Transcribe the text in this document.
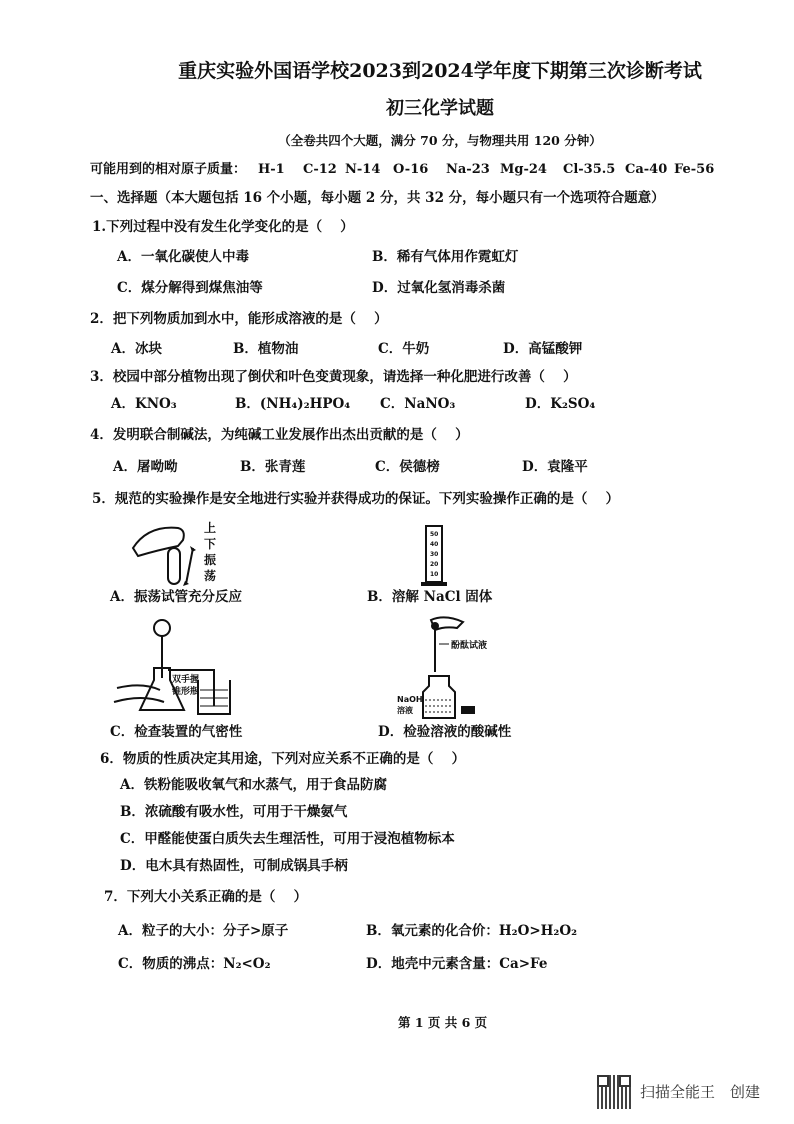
重庆实验外国语学校2023到2024学年度下期第三次诊断考试
初三化学试题
（全卷共四个大题，满分 70 分，与物理共用 120 分钟）
可能用到的相对原子质量： H-1 C-12 N-14 O-16 Na-23 Mg-24 Cl-35.5 Ca-40 Fe-56
一、选择题（本大题包括 16 个小题，每小题 2 分，共 32 分，每小题只有一个选项符合题意）
1.下列过程中没有发生化学变化的是（　 ）
A．一氧化碳使人中毒	B．稀有气体用作霓虹灯
C．煤分解得到煤焦油等	D．过氧化氢消毒杀菌
2．把下列物质加到水中，能形成溶液的是（　 ）
A．冰块	B．植物油	C．牛奶	D．高锰酸钾
3．校园中部分植物出现了倒伏和叶色变黄现象，请选择一种化肥进行改善（　 ）
A．KNO₃	B．(NH₄)₂HPO₄ C．NaNO₃	D．K₂SO₄
4．发明联合制碱法，为纯碱工业发展作出杰出贡献的是（　 ）
A．屠呦呦	B．张青莲	C．侯德榜	D．袁隆平
5．规范的实验操作是安全地进行实验并获得成功的保证。下列实验操作正确的是（　 ）
上
下
振
荡
A．振荡试管充分反应
50
40
30
20
10
B．溶解 NaCl 固体
双手握
锥形瓶
C．检查装置的气密性
酚酞试液
NaOH
溶液
D．检验溶液的酸碱性
6．物质的性质决定其用途，下列对应关系不正确的是（　 ）
A．铁粉能吸收氧气和水蒸气，用于食品防腐
B．浓硫酸有吸水性，可用于干燥氨气
C．甲醛能使蛋白质失去生理活性，可用于浸泡植物标本
D．电木具有热固性，可制成锅具手柄
7．下列大小关系正确的是（　 ）
A．粒子的大小：分子>原子	B．氧元素的化合价：H₂O>H₂O₂
C．物质的沸点：N₂<O₂	D．地壳中元素含量：Ca>Fe
第 1 页 共 6 页
扫描全能王　创建
